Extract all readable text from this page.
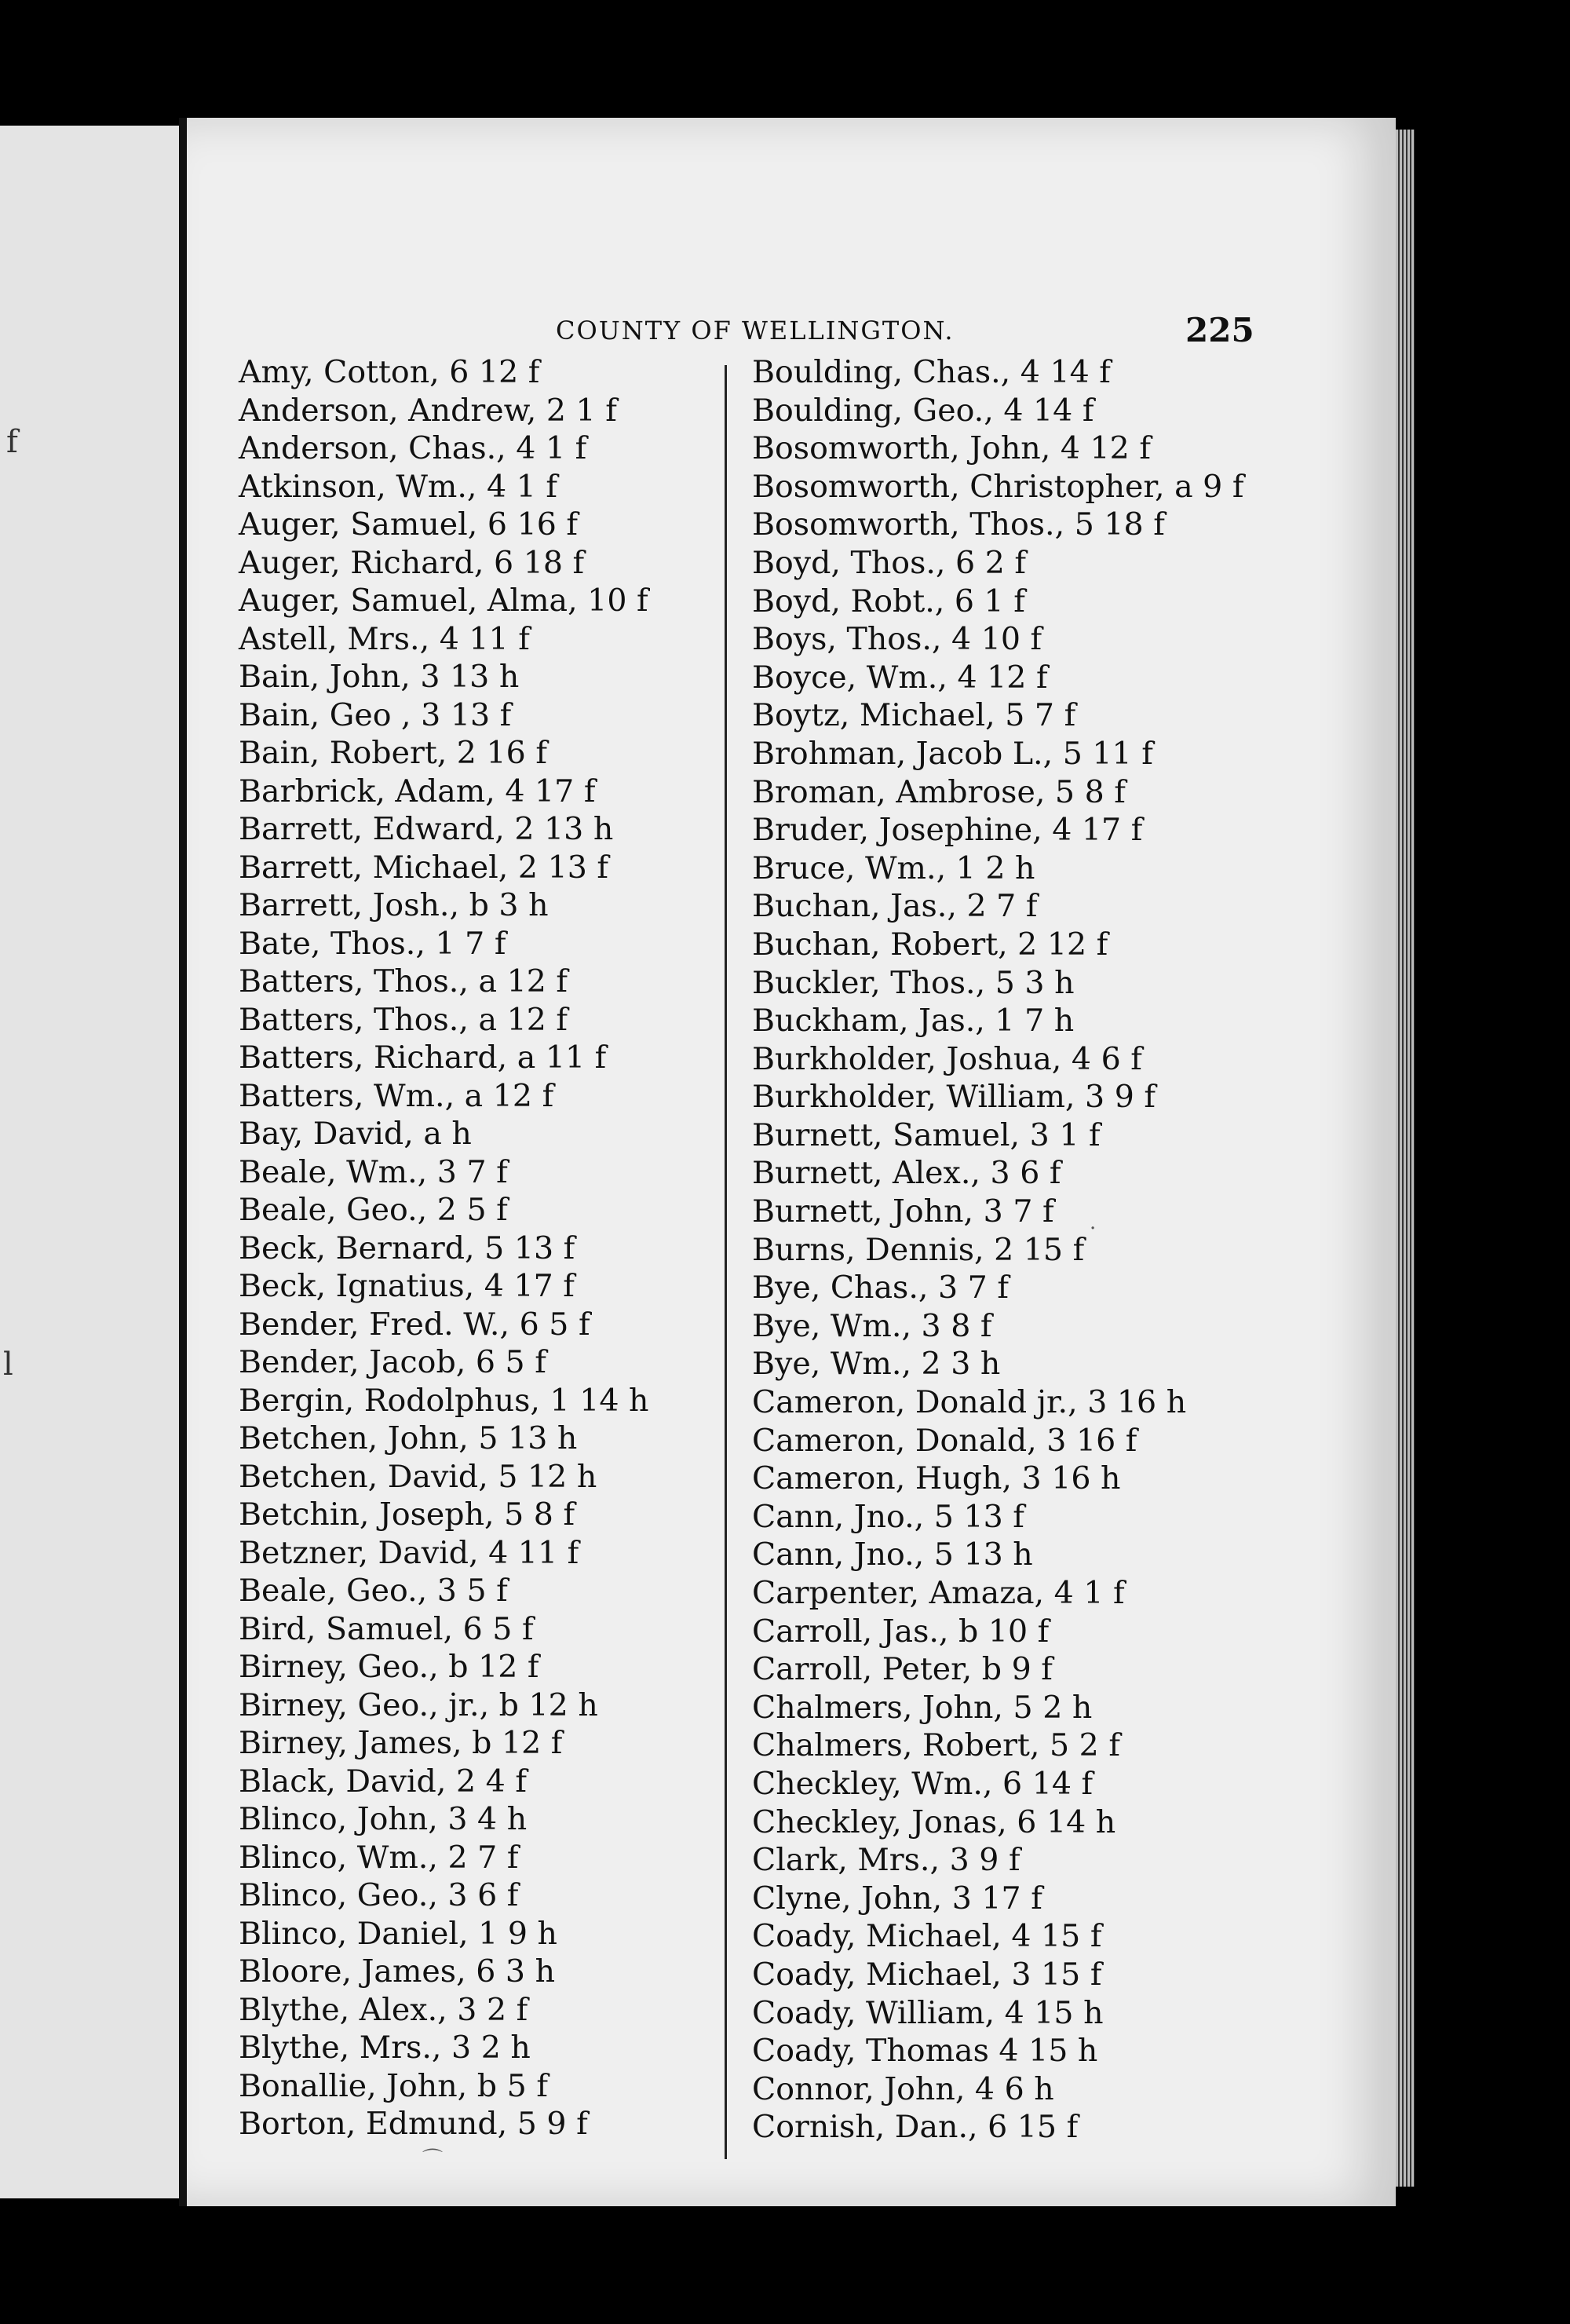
f
l
COUNTY OF WELLINGTON.	225
Amy, Cotton, 6 12 f
Anderson, Andrew, 2 1 f
Anderson, Chas., 4 1 f
Atkinson, Wm., 4 1 f
Auger, Samuel, 6 16 f
Auger, Richard, 6 18 f
Auger, Samuel, Alma, 10 f
Astell, Mrs., 4 11 f
Bain, John, 3 13 h
Bain, Geo , 3 13 f
Bain, Robert, 2 16 f
Barbrick, Adam, 4 17 f
Barrett, Edward, 2 13 h
Barrett, Michael, 2 13 f
Barrett, Josh., b 3 h
Bate, Thos., 1 7 f
Batters, Thos., a 12 f
Batters, Thos., a 12 f
Batters, Richard, a 11 f
Batters, Wm., a 12 f
Bay, David, a h
Beale, Wm., 3 7 f
Beale, Geo., 2 5 f
Beck, Bernard, 5 13 f
Beck, Ignatius, 4 17 f
Bender, Fred. W., 6 5 f
Bender, Jacob, 6 5 f
Bergin, Rodolphus, 1 14 h
Betchen, John, 5 13 h
Betchen, David, 5 12 h
Betchin, Joseph, 5 8 f
Betzner, David, 4 11 f
Beale, Geo., 3 5 f
Bird, Samuel, 6 5 f
Birney, Geo., b 12 f
Birney, Geo., jr., b 12 h
Birney, James, b 12 f
Black, David, 2 4 f
Blinco, John, 3 4 h
Blinco, Wm., 2 7 f
Blinco, Geo., 3 6 f
Blinco, Daniel, 1 9 h
Bloore, James, 6 3 h
Blythe, Alex., 3 2 f
Blythe, Mrs., 3 2 h
Bonallie, John, b 5 f
Borton, Edmund, 5 9 f
Boulding, Chas., 4 14 f
Boulding, Geo., 4 14 f
Bosomworth, John, 4 12 f
Bosomworth, Christopher, a 9 f
Bosomworth, Thos., 5 18 f
Boyd, Thos., 6 2 f
Boyd, Robt., 6 1 f
Boys, Thos., 4 10 f
Boyce, Wm., 4 12 f
Boytz, Michael, 5 7 f
Brohman, Jacob L., 5 11 f
Broman, Ambrose, 5 8 f
Bruder, Josephine, 4 17 f
Bruce, Wm., 1 2 h
Buchan, Jas., 2 7 f
Buchan, Robert, 2 12 f
Buckler, Thos., 5 3 h
Buckham, Jas., 1 7 h
Burkholder, Joshua, 4 6 f
Burkholder, William, 3 9 f
Burnett, Samuel, 3 1 f
Burnett, Alex., 3 6 f
Burnett, John, 3 7 f
Burns, Dennis, 2 15 f
Bye, Chas., 3 7 f
Bye, Wm., 3 8 f
Bye, Wm., 2 3 h
Cameron, Donald jr., 3 16 h
Cameron, Donald, 3 16 f
Cameron, Hugh, 3 16 h
Cann, Jno., 5 13 f
Cann, Jno., 5 13 h
Carpenter, Amaza, 4 1 f
Carroll, Jas., b 10 f
Carroll, Peter, b 9 f
Chalmers, John, 5 2 h
Chalmers, Robert, 5 2 f
Checkley, Wm., 6 14 f
Checkley, Jonas, 6 14 h
Clark, Mrs., 3 9 f
Clyne, John, 3 17 f
Coady, Michael, 4 15 f
Coady, Michael, 3 15 f
Coady, William, 4 15 h
Coady, Thomas 4 15 h
Connor, John, 4 6 h
Cornish, Dan., 6 15 f
·
⌒
